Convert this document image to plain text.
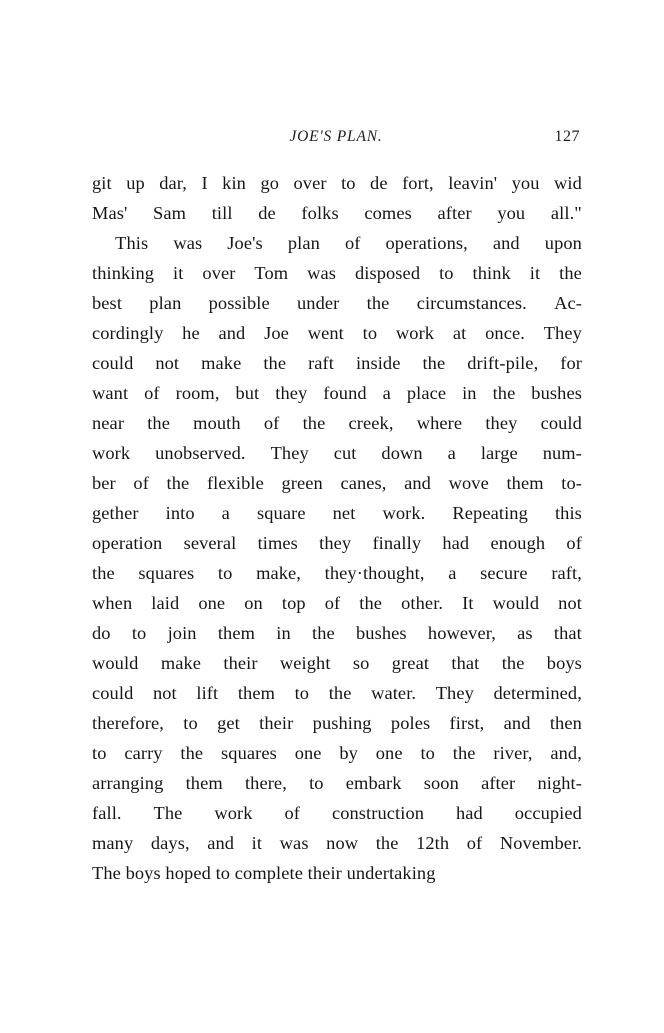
JOE'S PLAN.	127
git up dar, I kin go over to de fort, leavin' you wid
Mas' Sam till de folks comes after you all."
This was Joe's plan of operations, and upon
thinking it over Tom was disposed to think it the
best plan possible under the circumstances. Ac-
cordingly he and Joe went to work at once. They
could not make the raft inside the drift-pile, for
want of room, but they found a place in the bushes
near the mouth of the creek, where they could
work unobserved. They cut down a large num-
ber of the flexible green canes, and wove them to-
gether into a square net work. Repeating this
operation several times they finally had enough of
the squares to make, they·thought, a secure raft,
when laid one on top of the other. It would not
do to join them in the bushes however, as that
would make their weight so great that the boys
could not lift them to the water. They determined,
therefore, to get their pushing poles first, and then
to carry the squares one by one to the river, and,
arranging them there, to embark soon after night-
fall. The work of construction had occupied
many days, and it was now the 12th of November.
The boys hoped to complete their undertaking
